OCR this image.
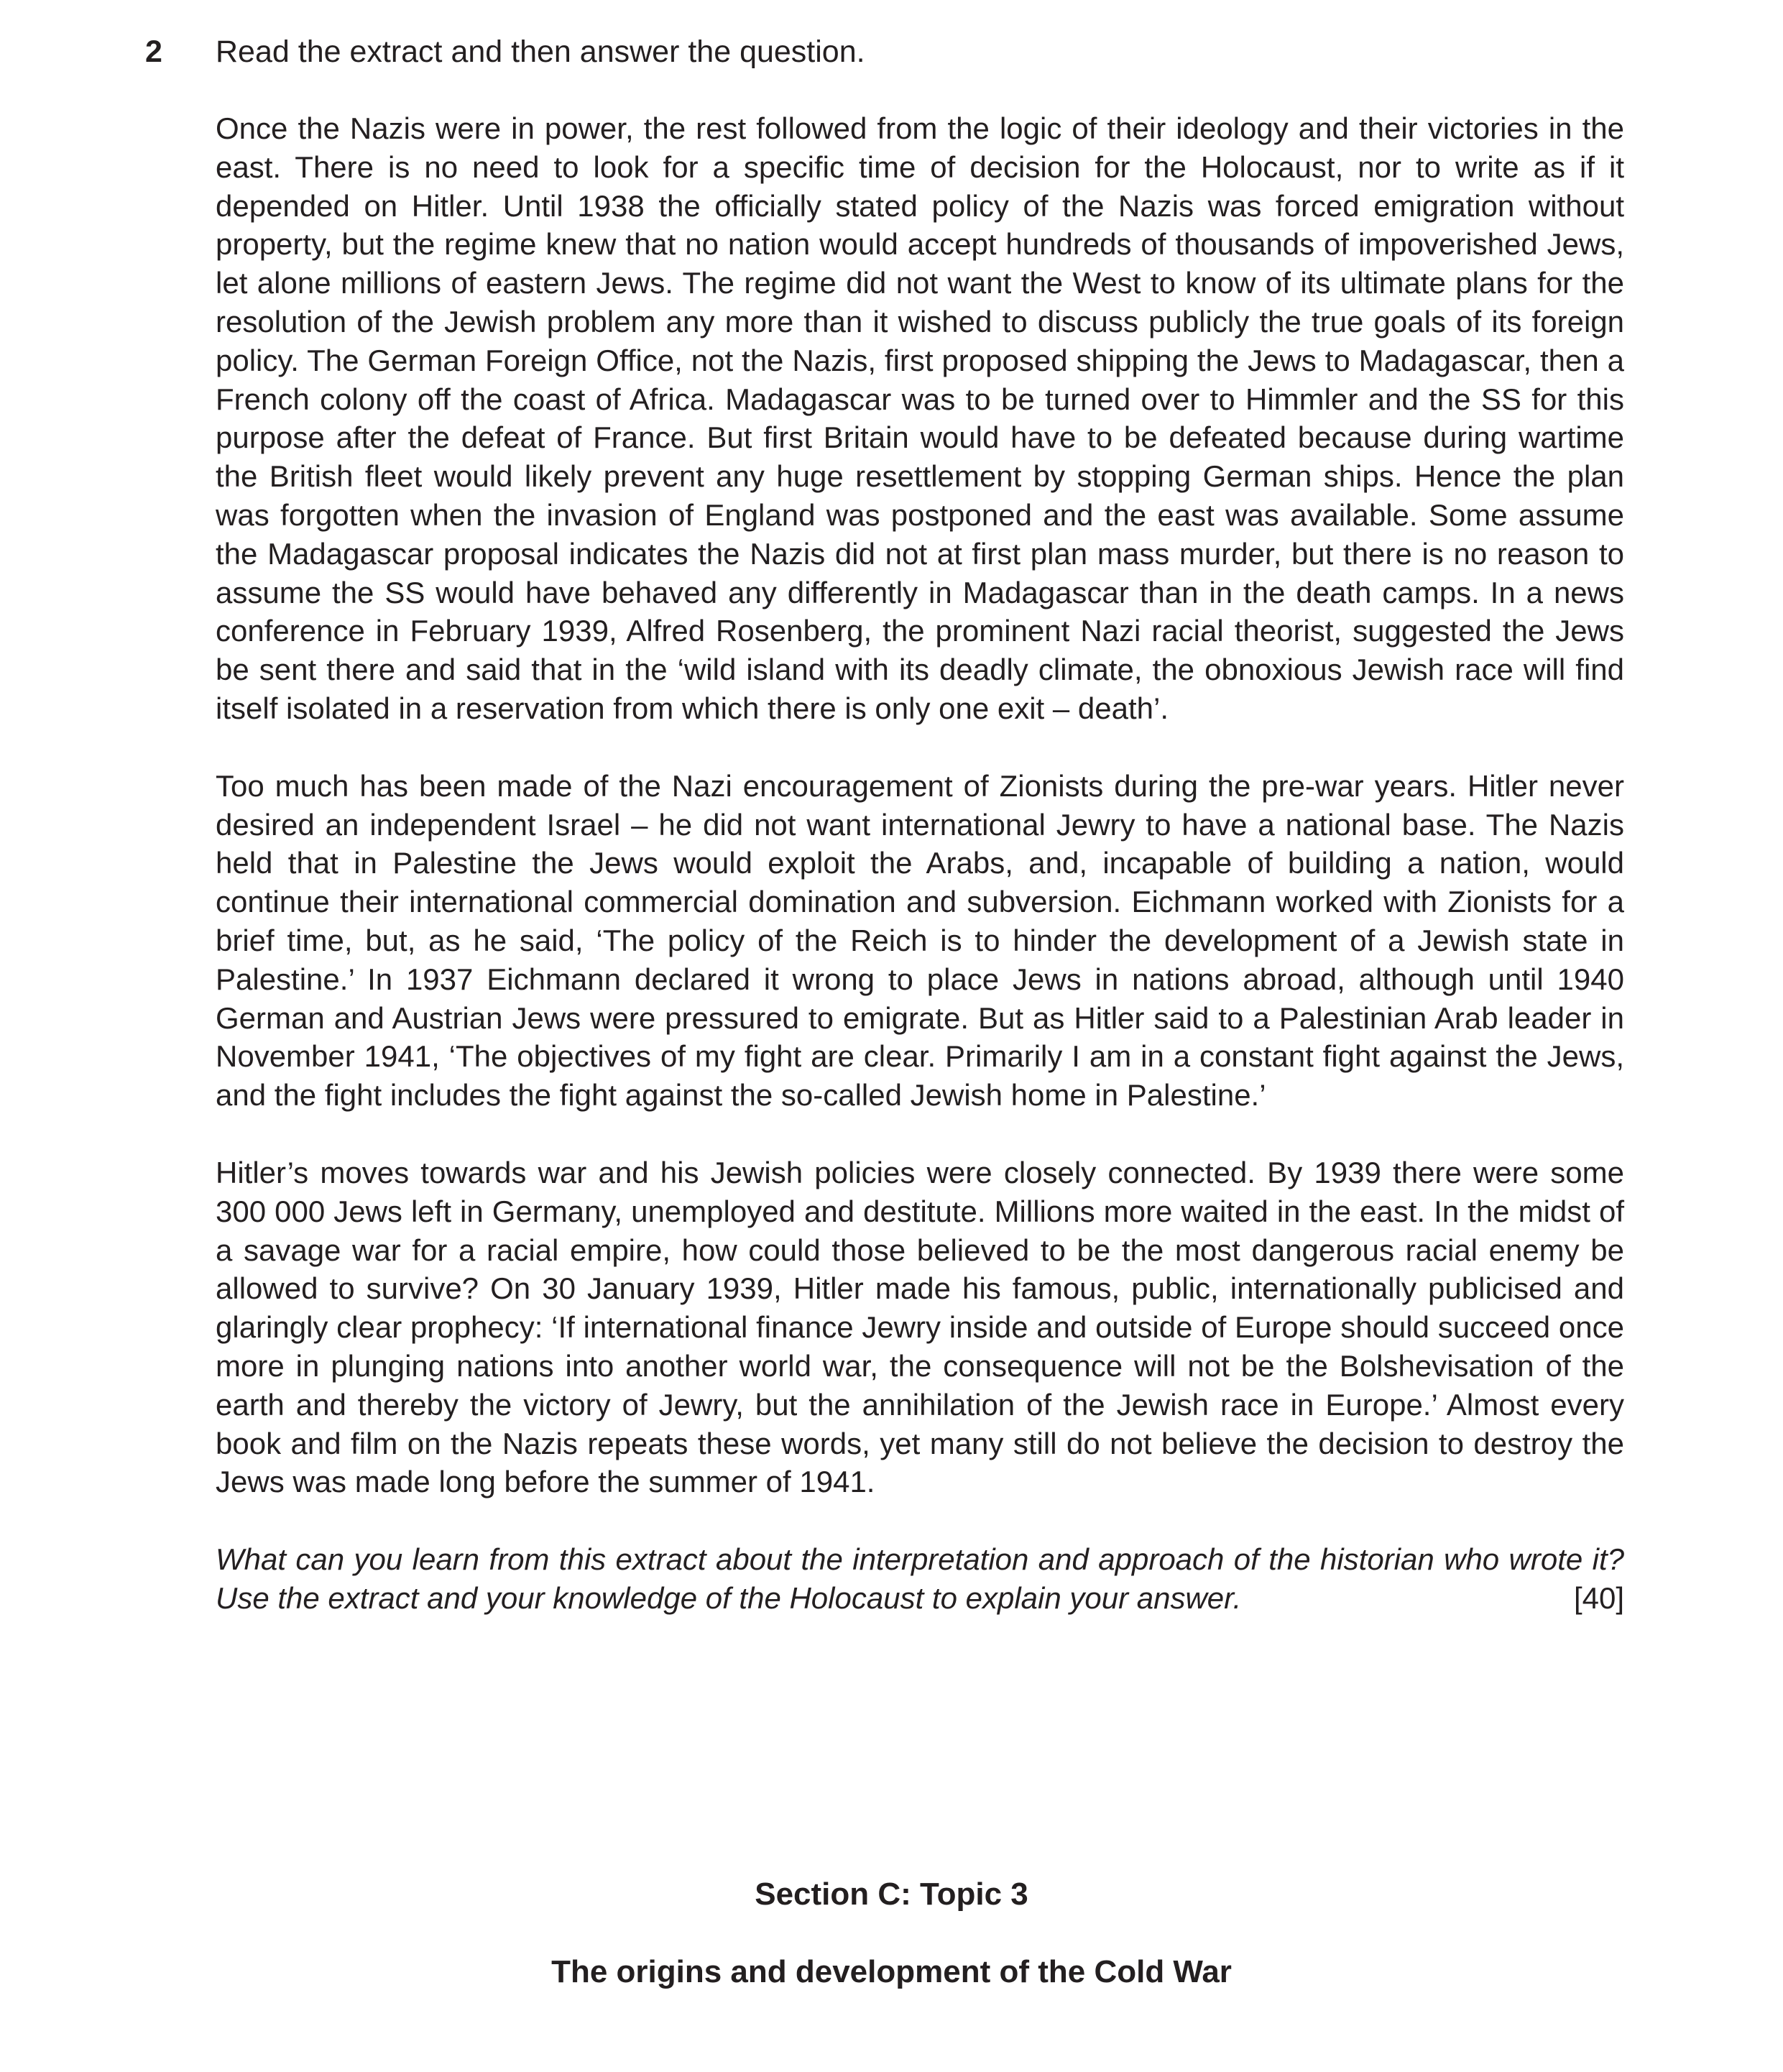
2 Read the extract and then answer the question.

Once the Nazis were in power, the rest followed from the logic of their ideology and their victories in the east. There is no need to look for a specific time of decision for the Holocaust, nor to write as if it depended on Hitler. Until 1938 the officially stated policy of the Nazis was forced emigration without property, but the regime knew that no nation would accept hundreds of thousands of impoverished Jews, let alone millions of eastern Jews. The regime did not want the West to know of its ultimate plans for the resolution of the Jewish problem any more than it wished to discuss publicly the true goals of its foreign policy. The German Foreign Office, not the Nazis, first proposed shipping the Jews to Madagascar, then a French colony off the coast of Africa. Madagascar was to be turned over to Himmler and the SS for this purpose after the defeat of France. But first Britain would have to be defeated because during wartime the British fleet would likely prevent any huge resettlement by stopping German ships. Hence the plan was forgotten when the invasion of England was postponed and the east was available. Some assume the Madagascar proposal indicates the Nazis did not at first plan mass murder, but there is no reason to assume the SS would have behaved any differently in Madagascar than in the death camps. In a news conference in February 1939, Alfred Rosenberg, the prominent Nazi racial theorist, suggested the Jews be sent there and said that in the ‘wild island with its deadly climate, the obnoxious Jewish race will find itself isolated in a reservation from which there is only one exit – death’.

Too much has been made of the Nazi encouragement of Zionists during the pre-war years. Hitler never desired an independent Israel – he did not want international Jewry to have a national base. The Nazis held that in Palestine the Jews would exploit the Arabs, and, incapable of building a nation, would continue their international commercial domination and subversion. Eichmann worked with Zionists for a brief time, but, as he said, ‘The policy of the Reich is to hinder the development of a Jewish state in Palestine.’ In 1937 Eichmann declared it wrong to place Jews in nations abroad, although until 1940 German and Austrian Jews were pressured to emigrate. But as Hitler said to a Palestinian Arab leader in November 1941, ‘The objectives of my fight are clear. Primarily I am in a constant fight against the Jews, and the fight includes the fight against the so-called Jewish home in Palestine.’

Hitler’s moves towards war and his Jewish policies were closely connected. By 1939 there were some 300 000 Jews left in Germany, unemployed and destitute. Millions more waited in the east. In the midst of a savage war for a racial empire, how could those believed to be the most dangerous racial enemy be allowed to survive? On 30 January 1939, Hitler made his famous, public, internationally publicised and glaringly clear prophecy: ‘If international finance Jewry inside and outside of Europe should succeed once more in plunging nations into another world war, the consequence will not be the Bolshevisation of the earth and thereby the victory of Jewry, but the annihilation of the Jewish race in Europe.’ Almost every book and film on the Nazis repeats these words, yet many still do not believe the decision to destroy the Jews was made long before the summer of 1941.

What can you learn from this extract about the interpretation and approach of the historian who wrote it? Use the extract and your knowledge of the Holocaust to explain your answer.	[40]
Section C: Topic 3
The origins and development of the Cold War
